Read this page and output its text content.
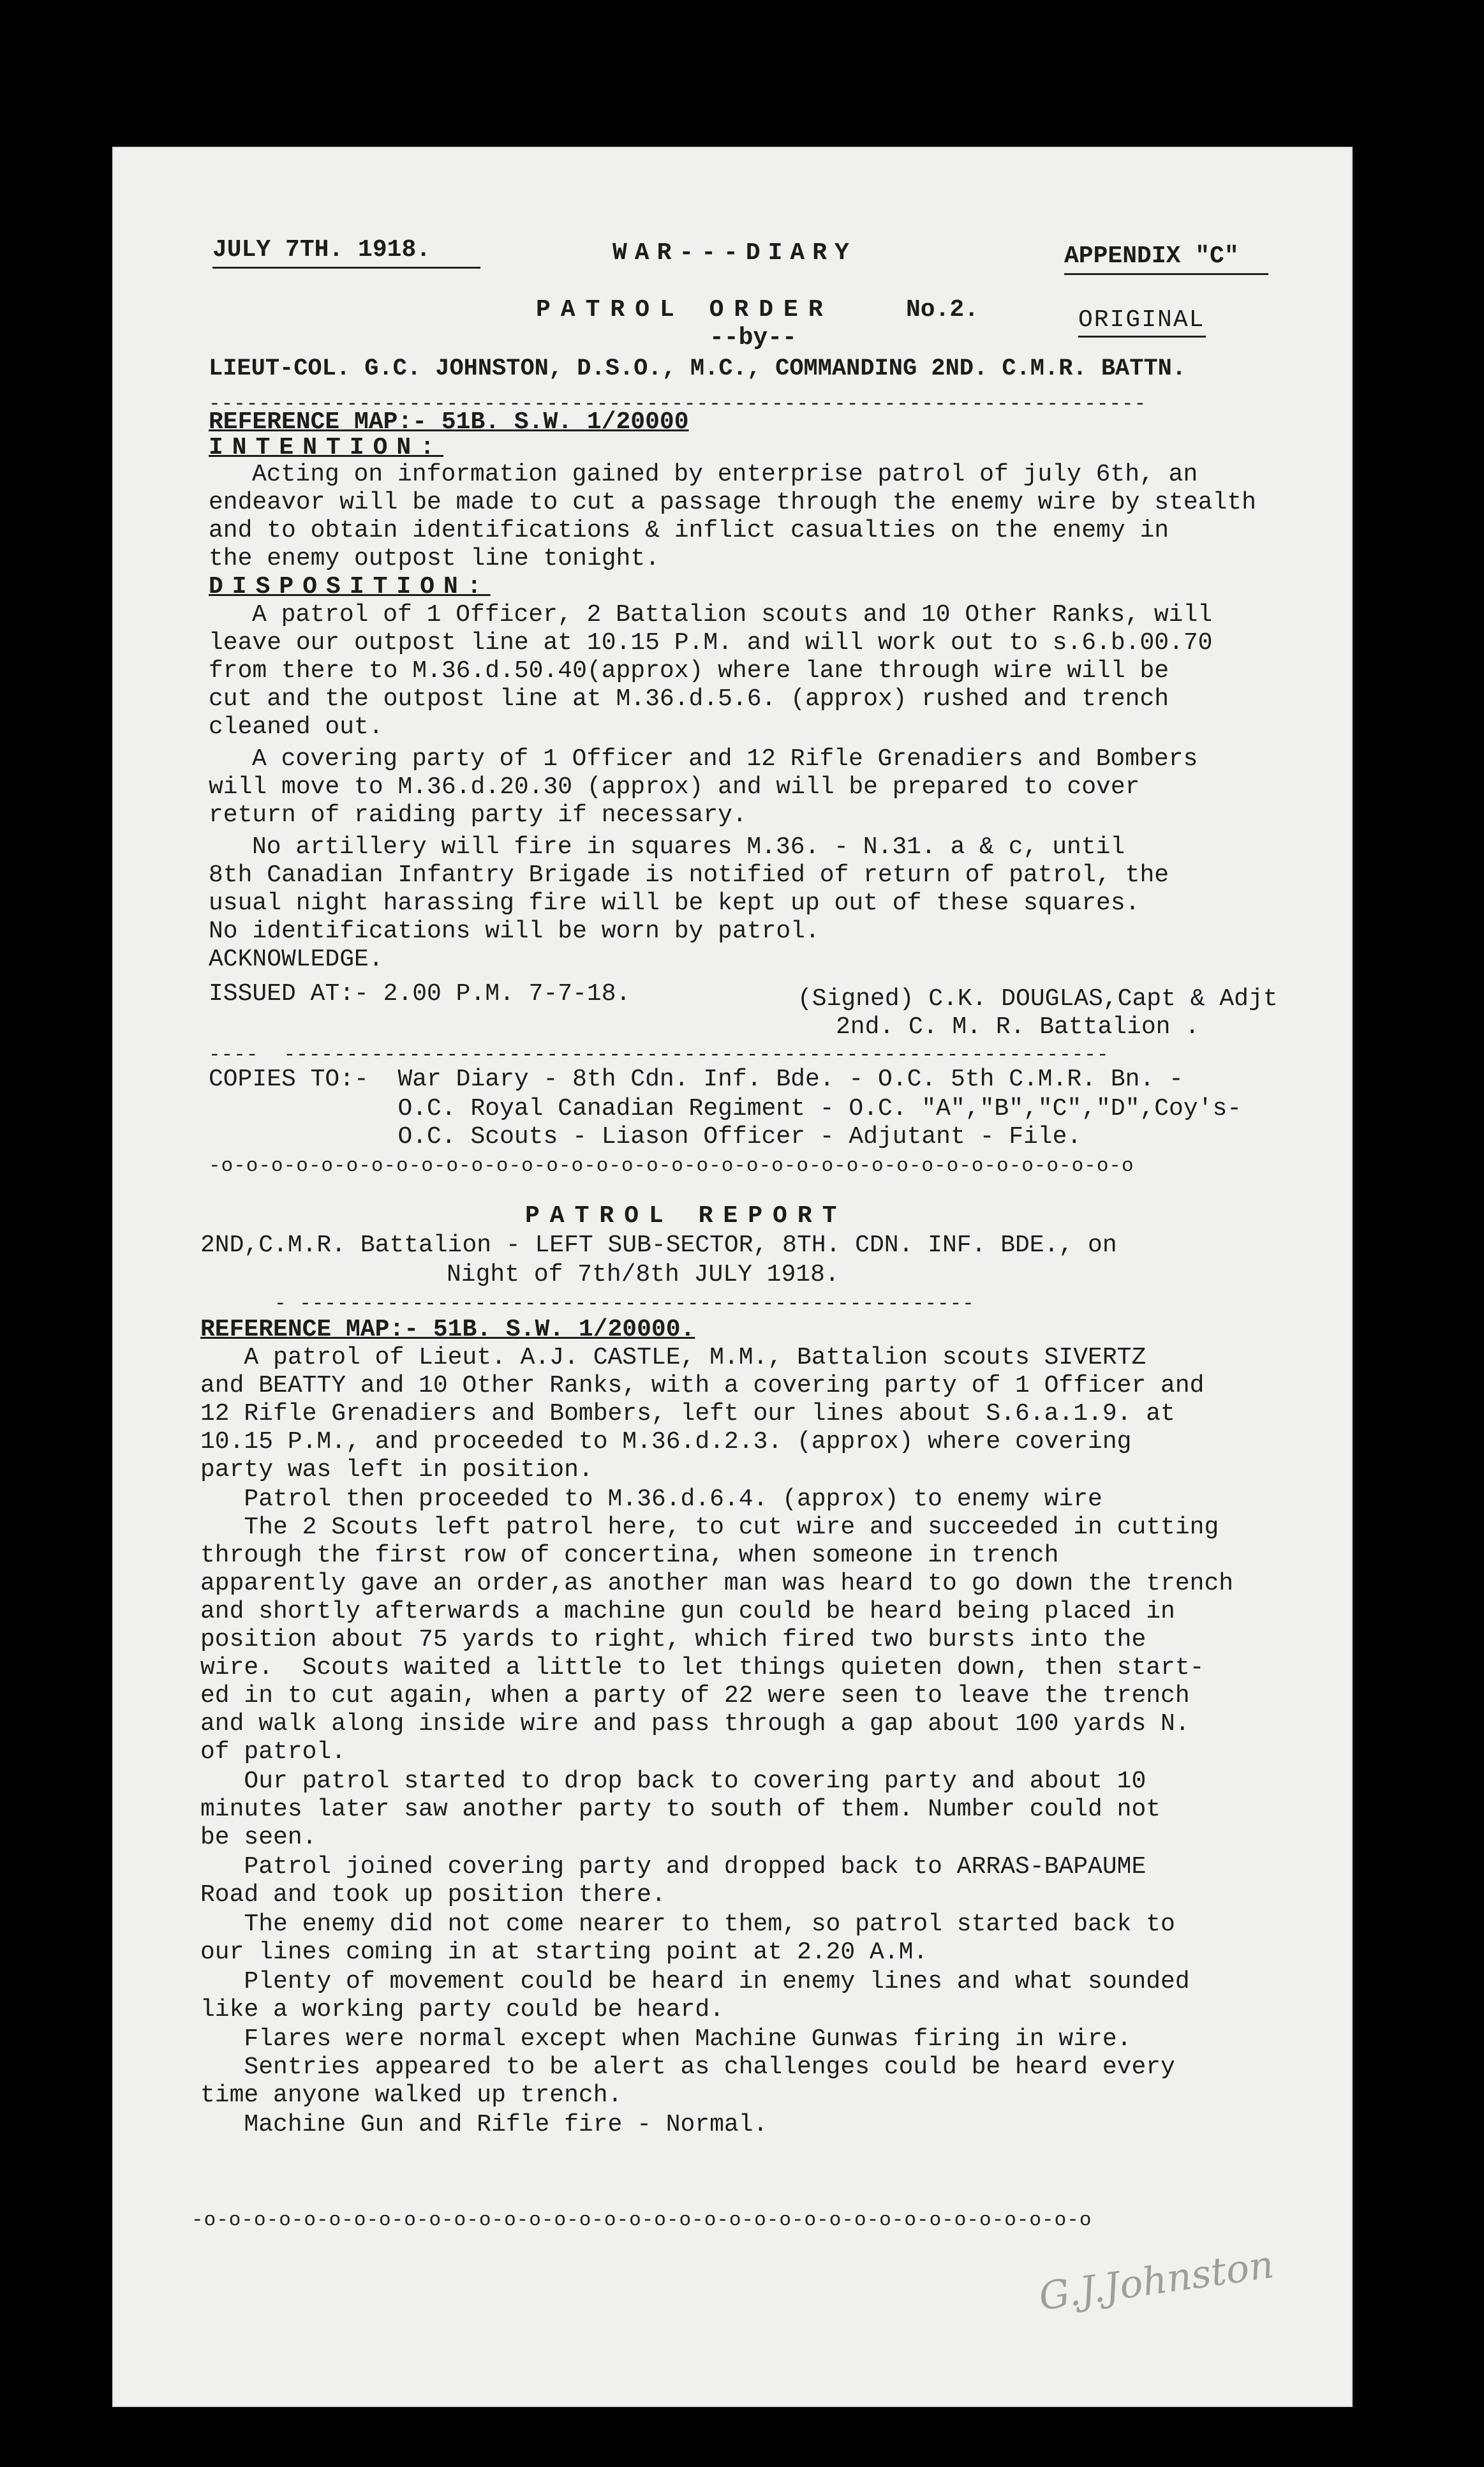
JULY 7TH. 1918.	WAR---DIARY	APPENDIX "C"
PATROL ORDER	No.2.	ORIGINAL
--by--
LIEUT-COL. G.C. JOHNSTON, D.S.O., M.C., COMMANDING 2ND. C.M.R. BATTN.
---------------------------------------------------------------------------
REFERENCE MAP:- 51B. S.W. 1/20000
INTENTION:
Acting on information gained by enterprise patrol of july 6th, an
endeavor will be made to cut a passage through the enemy wire by stealth
and to obtain identifications & inflict casualties on the enemy in
the enemy outpost line tonight.
DISPOSITION:
A patrol of 1 Officer, 2 Battalion scouts and 10 Other Ranks, will
leave our outpost line at 10.15 P.M. and will work out to s.6.b.00.70
from there to M.36.d.50.40(approx) where lane through wire will be
cut and the outpost line at M.36.d.5.6. (approx) rushed and trench
cleaned out.
A covering party of 1 Officer and 12 Rifle Grenadiers and Bombers
will move to M.36.d.20.30 (approx) and will be prepared to cover
return of raiding party if necessary.
No artillery will fire in squares M.36. - N.31. a & c, until
8th Canadian Infantry Brigade is notified of return of patrol, the
usual night harassing fire will be kept up out of these squares.
No identifications will be worn by patrol.
ACKNOWLEDGE.
ISSUED AT:- 2.00 P.M. 7-7-18.	(Signed) C.K. DOUGLAS,Capt & Adjt
2nd. C. M. R. Battalion .
----  ------------------------------------------------------------------
COPIES TO:-  War Diary - 8th Cdn. Inf. Bde. - O.C. 5th C.M.R. Bn. -
O.C. Royal Canadian Regiment - O.C. "A","B","C","D",Coy's-
O.C. Scouts - Liason Officer - Adjutant - File.
-o-o-o-o-o-o-o-o-o-o-o-o-o-o-o-o-o-o-o-o-o-o-o-o-o-o-o-o-o-o-o-o-o-o-o-o-o
PATROL REPORT
2ND,C.M.R. Battalion - LEFT SUB-SECTOR, 8TH. CDN. INF. BDE., on
Night of 7th/8th JULY 1918.
- ------------------------------------------------------
REFERENCE MAP:- 51B. S.W. 1/20000.
A patrol of Lieut. A.J. CASTLE, M.M., Battalion scouts SIVERTZ
and BEATTY and 10 Other Ranks, with a covering party of 1 Officer and
12 Rifle Grenadiers and Bombers, left our lines about S.6.a.1.9. at
10.15 P.M., and proceeded to M.36.d.2.3. (approx) where covering
party was left in position.
Patrol then proceeded to M.36.d.6.4. (approx) to enemy wire
The 2 Scouts left patrol here, to cut wire and succeeded in cutting
through the first row of concertina, when someone in trench
apparently gave an order,as another man was heard to go down the trench
and shortly afterwards a machine gun could be heard being placed in
position about 75 yards to right, which fired two bursts into the
wire.  Scouts waited a little to let things quieten down, then start-
ed in to cut again, when a party of 22 were seen to leave the trench
and walk along inside wire and pass through a gap about 100 yards N.
of patrol.
Our patrol started to drop back to covering party and about 10
minutes later saw another party to south of them. Number could not
be seen.
Patrol joined covering party and dropped back to ARRAS-BAPAUME
Road and took up position there.
The enemy did not come nearer to them, so patrol started back to
our lines coming in at starting point at 2.20 A.M.
Plenty of movement could be heard in enemy lines and what sounded
like a working party could be heard.
Flares were normal except when Machine Gunwas firing in wire.
Sentries appeared to be alert as challenges could be heard every
time anyone walked up trench.
Machine Gun and Rifle fire - Normal.
-o-o-o-o-o-o-o-o-o-o-o-o-o-o-o-o-o-o-o-o-o-o-o-o-o-o-o-o-o-o-o-o-o-o-o-o
G.J.Johnston
